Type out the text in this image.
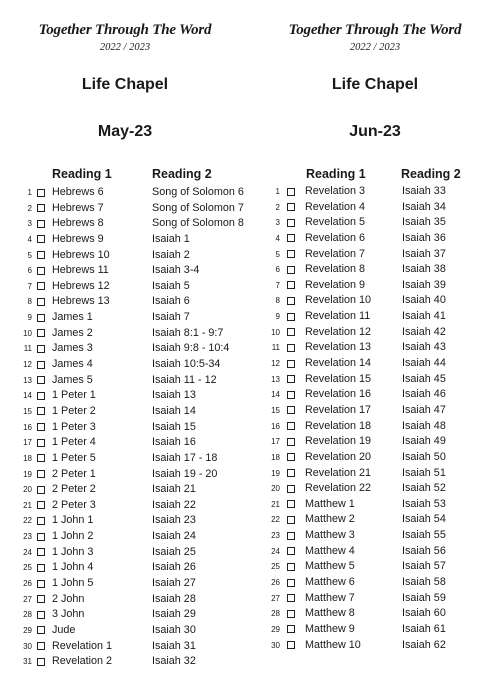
Together Through The Word
2022 / 2023
Life Chapel
May-23
Reading 1	Reading 2
1 Hebrews 6	Song of Solomon 6
2 Hebrews 7	Song of Solomon 7
3 Hebrews 8	Song of Solomon 8
4 Hebrews 9	Isaiah 1
5 Hebrews 10	Isaiah 2
6 Hebrews 11	Isaiah 3-4
7 Hebrews 12	Isaiah 5
8 Hebrews 13	Isaiah 6
9 James 1	Isaiah 7
10 James 2	Isaiah 8:1 - 9:7
11 James 3	Isaiah 9:8 - 10:4
12 James 4	Isaiah 10:5-34
13 James 5	Isaiah 11 - 12
14 1 Peter 1	Isaiah 13
15 1 Peter 2	Isaiah 14
16 1 Peter 3	Isaiah 15
17 1 Peter 4	Isaiah 16
18 1 Peter 5	Isaiah 17 - 18
19 2 Peter 1	Isaiah 19 - 20
20 2 Peter 2	Isaiah 21
21 2 Peter 3	Isaiah 22
22 1 John 1	Isaiah 23
23 1 John 2	Isaiah 24
24 1 John 3	Isaiah 25
25 1 John 4	Isaiah 26
26 1 John 5	Isaiah 27
27 2 John	Isaiah 28
28 3 John	Isaiah 29
29 Jude	Isaiah 30
30 Revelation 1	Isaiah 31
31 Revelation 2	Isaiah 32
Together Through The Word
2022 / 2023
Life Chapel
Jun-23
Reading 1	Reading 2
1 Revelation 3	Isaiah 33
2 Revelation 4	Isaiah 34
3 Revelation 5	Isaiah 35
4 Revelation 6	Isaiah 36
5 Revelation 7	Isaiah 37
6 Revelation 8	Isaiah 38
7 Revelation 9	Isaiah 39
8 Revelation 10	Isaiah 40
9 Revelation 11	Isaiah 41
10 Revelation 12	Isaiah 42
11 Revelation 13	Isaiah 43
12 Revelation 14	Isaiah 44
13 Revelation 15	Isaiah 45
14 Revelation 16	Isaiah 46
15 Revelation 17	Isaiah 47
16 Revelation 18	Isaiah 48
17 Revelation 19	Isaiah 49
18 Revelation 20	Isaiah 50
19 Revelation 21	Isaiah 51
20 Revelation 22	Isaiah 52
21 Matthew 1	Isaiah 53
22 Matthew 2	Isaiah 54
23 Matthew 3	Isaiah 55
24 Matthew 4	Isaiah 56
25 Matthew 5	Isaiah 57
26 Matthew 6	Isaiah 58
27 Matthew 7	Isaiah 59
28 Matthew 8	Isaiah 60
29 Matthew 9	Isaiah 61
30 Matthew 10	Isaiah 62
